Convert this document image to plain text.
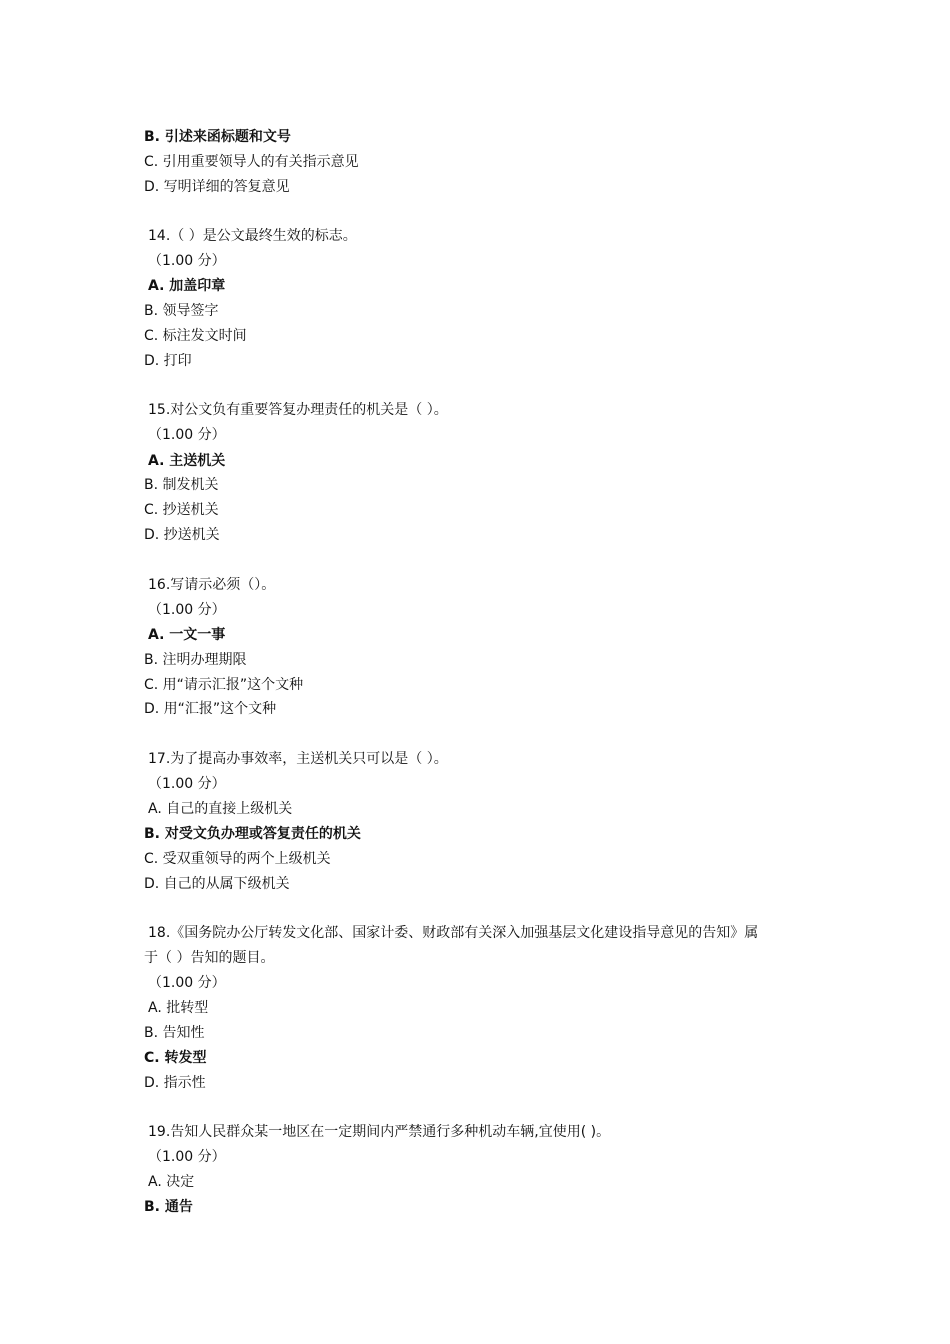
B. 引述来函标题和文号
C. 引用重要领导人的有关指示意见
D. 写明详细的答复意见
14.（ ）是公文最终生效的标志。
（1.00 分）
A. 加盖印章
B. 领导签字
C. 标注发文时间
D. 打印
15.对公文负有重要答复办理责任的机关是（ ）。
（1.00 分）
A. 主送机关
B. 制发机关
C. 抄送机关
D. 抄送机关
16.写请示必须（）。
（1.00 分）
A. 一文一事
B. 注明办理期限
C. 用“请示汇报”这个文种
D. 用“汇报”这个文种
17.为了提高办事效率，主送机关只可以是（ ）。
（1.00 分）
A. 自己的直接上级机关
B. 对受文负办理或答复责任的机关
C. 受双重领导的两个上级机关
D. 自己的从属下级机关
18.《国务院办公厅转发文化部、国家计委、财政部有关深入加强基层文化建设指导意见的告知》属
于（ ）告知的题目。
（1.00 分）
A. 批转型
B. 告知性
C. 转发型
D. 指示性
19.告知人民群众某一地区在一定期间内严禁通行多种机动车辆,宜使用( )。
（1.00 分）
A. 决定
B. 通告
